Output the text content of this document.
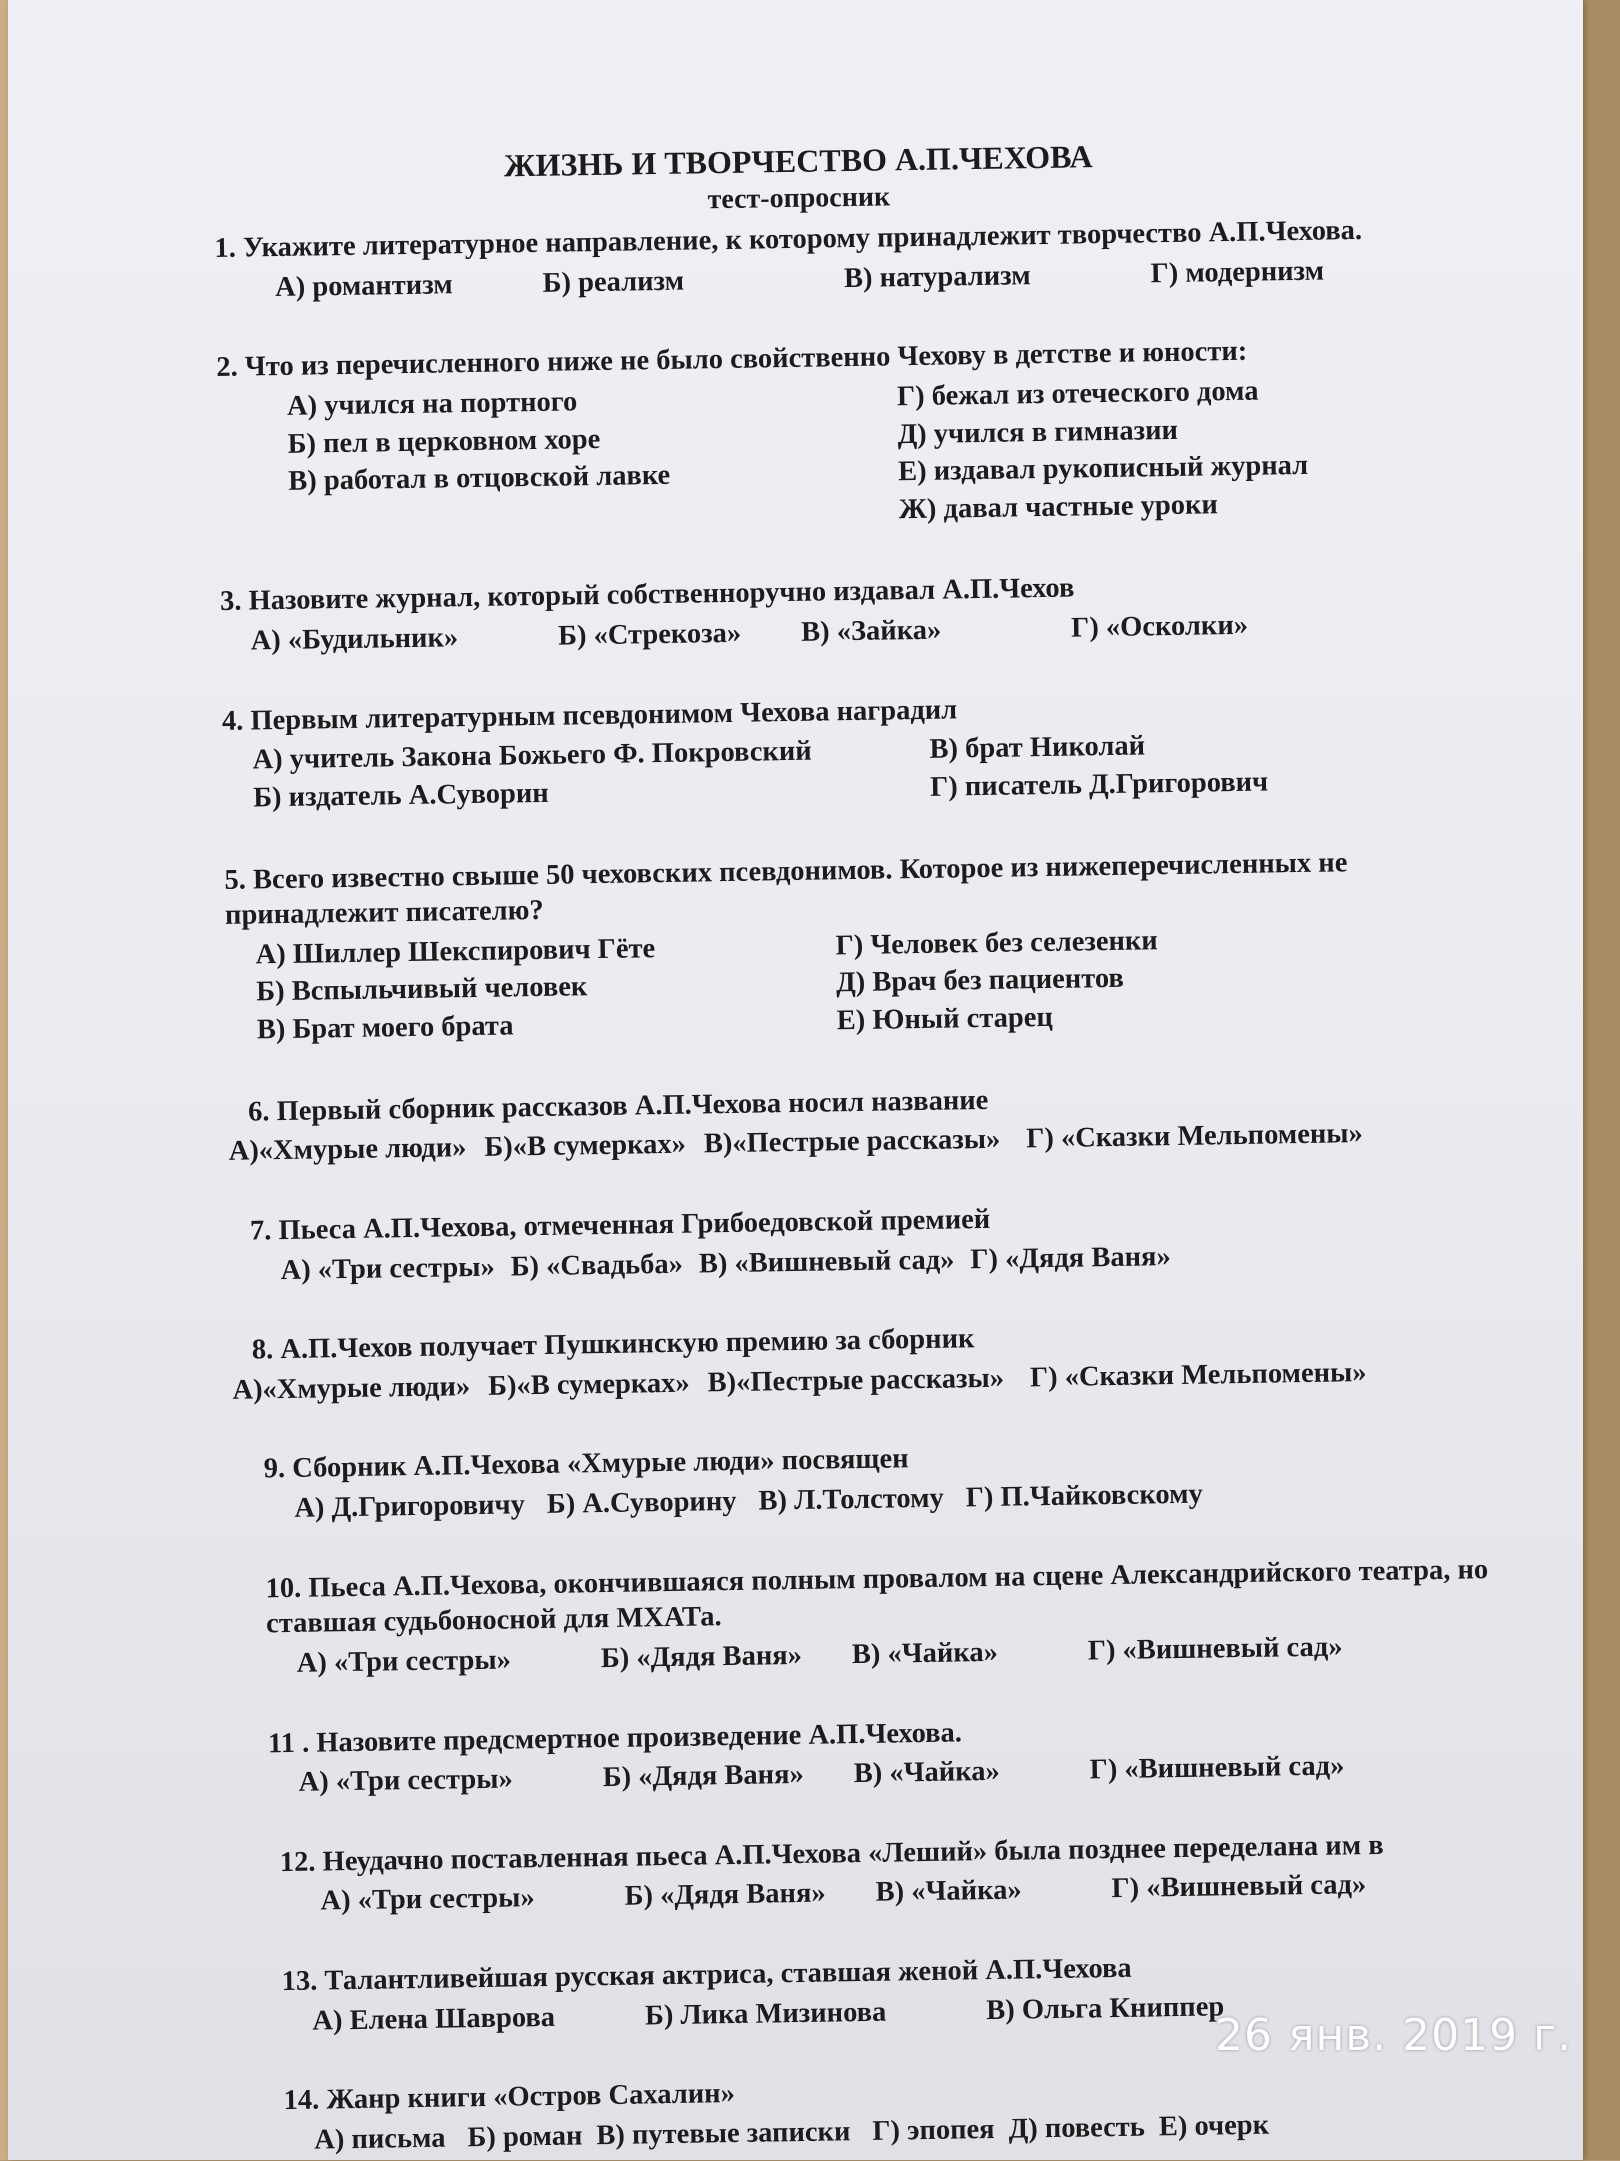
ЖИЗНЬ И ТВОРЧЕСТВО А.П.ЧЕХОВА
тест-опросник

1. Укажите литературное направление, к которому принадлежит творчество А.П.Чехова.

А) романтизм	Б) реализм	В) натурализм	Г) модернизм

2. Что из перечисленного ниже не было свойственно Чехову в детстве и юности:

А) учился на портного
Б) пел в церковном хоре
В) работал в отцовской лавке
Г) бежал из отеческого дома
Д) учился в гимназии
Е) издавал рукописный журнал
Ж) давал частные уроки

3. Назовите журнал, который собственноручно издавал А.П.Чехов

А) «Будильник»	Б) «Стрекоза» В) «Зайка»	Г) «Осколки»

4. Первым литературным псевдонимом Чехова наградил

А) учитель Закона Божьего Ф. Покровский
Б) издатель А.Суворин
В) брат Николай
Г) писатель Д.Григорович

5. Всего известно свыше 50 чеховских псевдонимов. Которое из нижеперечисленных не принадлежит писателю?

А) Шиллер Шекспирович Гёте
Б) Вспыльчивый человек
В) Брат моего брата
Г) Человек без селезенки
Д) Врач без пациентов
Е) Юный старец

6. Первый сборник рассказов А.П.Чехова носил название

А)«Хмурые люди» Б)«В сумерках» В)«Пестрые рассказы» Г) «Сказки Мельпомены»

7. Пьеса А.П.Чехова, отмеченная Грибоедовской премией

А) «Три сестры» Б) «Свадьба» В) «Вишневый сад» Г) «Дядя Ваня»

8. А.П.Чехов получает Пушкинскую премию за сборник

А)«Хмурые люди» Б)«В сумерках» В)«Пестрые рассказы» Г) «Сказки Мельпомены»

9. Сборник А.П.Чехова «Хмурые люди» посвящен

А) Д.Григоровичу Б) А.Суворину В) Л.Толстому Г) П.Чайковскому

10. Пьеса А.П.Чехова, окончившаяся полным провалом на сцене Александрийского театра, но ставшая судьбоносной для МХАТа.

А) «Три сестры»	Б) «Дядя Ваня» В) «Чайка»	Г) «Вишневый сад»

11 . Назовите предсмертное произведение А.П.Чехова.

А) «Три сестры»	Б) «Дядя Ваня» В) «Чайка»	Г) «Вишневый сад»

12. Неудачно поставленная пьеса А.П.Чехова «Леший» была позднее переделана им в

А) «Три сестры»	Б) «Дядя Ваня» В) «Чайка»	Г) «Вишневый сад»

13. Талантливейшая русская актриса, ставшая женой А.П.Чехова

А) Елена Шаврова	Б) Лика Мизинова	В) Ольга Книппер

14. Жанр книги «Остров Сахалин»

А) письма Б) роман В) путевые записки Г) эпопея Д) повесть Е) очерк
26 янв. 2019 г.
